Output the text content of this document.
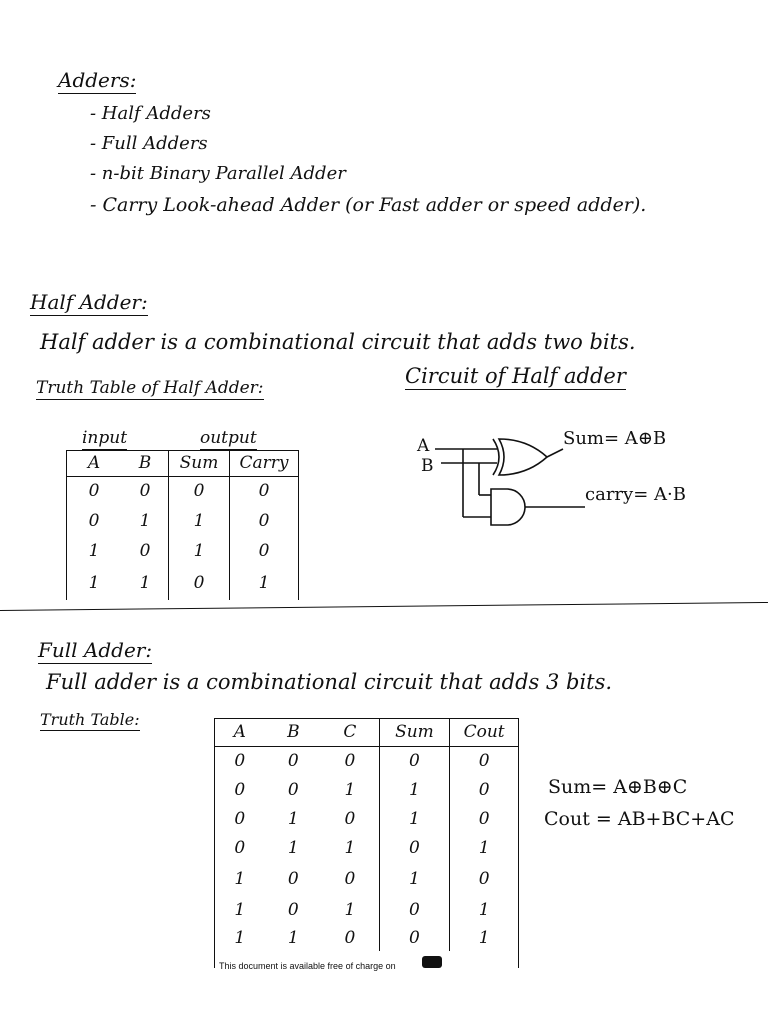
Adders:
- Half Adders
- Full Adders
- n-bit Binary Parallel Adder
- Carry Look-ahead Adder (or Fast adder or speed adder).
Half Adder:
Half adder is a combinational circuit that adds two bits.
Truth Table of Half Adder:	Circuit of Half adder
input	output
A	B	Sum	Carry
0	0	0	0
0	1	1	0
1	0	1	0
1	1	0	1
A
B
Sum= A⊕B
carry= A·B
Full Adder:
Full adder is a combinational circuit that adds 3 bits.
Truth Table:
A	B	C	Sum	Cout
0	0	0	0	0
0	0	1	1	0
0	1	0	1	0
0	1	1	0	1
1	0	0	1	0
1	0	1	0	1
1	1	0	0	1
This document is available free of charge on
Sum= A⊕B⊕C
Cout = AB+BC+AC
